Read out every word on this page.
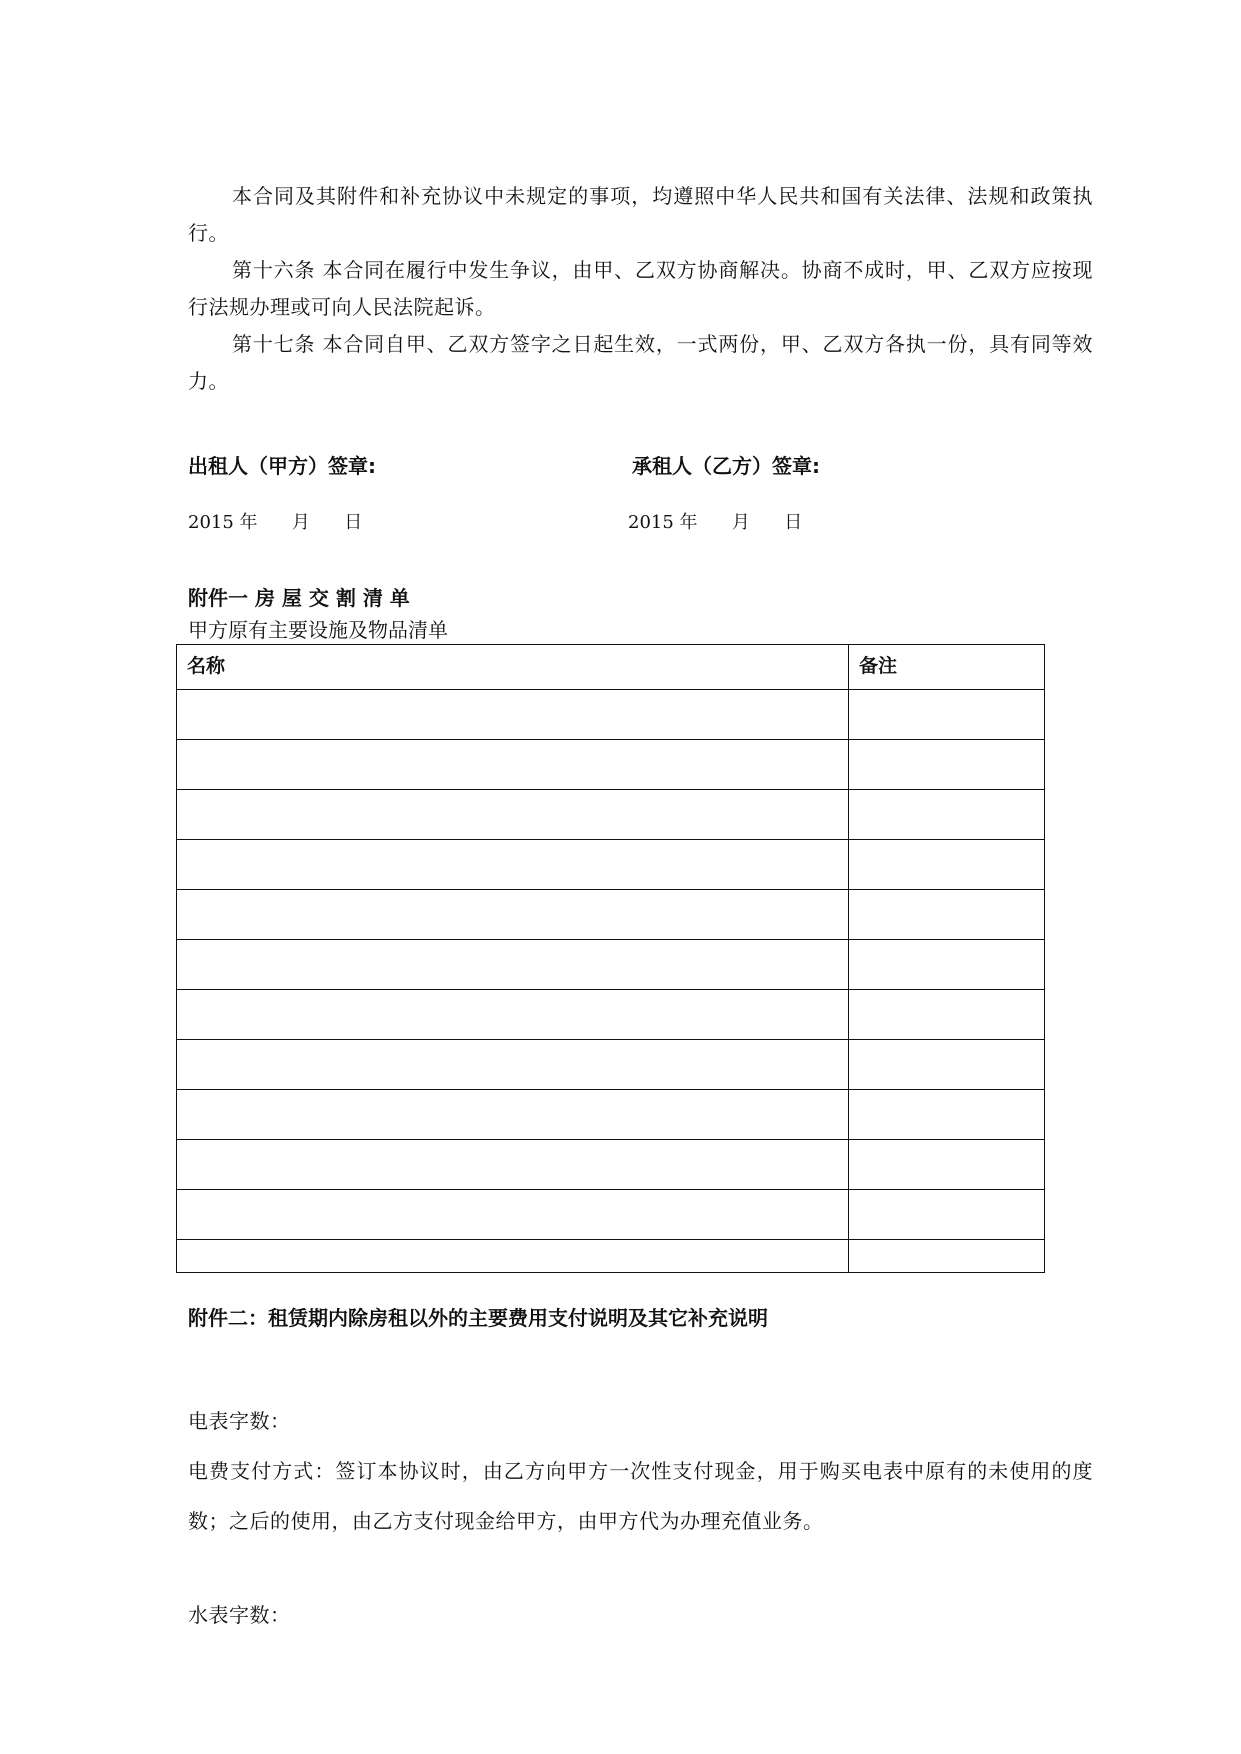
本合同及其附件和补充协议中未规定的事项，均遵照中华人民共和国有关法律、法规和政策执行。
第十六条 本合同在履行中发生争议，由甲、乙双方协商解决。协商不成时，甲、乙双方应按现行法规办理或可向人民法院起诉。
第十七条 本合同自甲、乙双方签字之日起生效，一式两份，甲、乙双方各执一份，具有同等效力。
出租人（甲方）签章:	承租人（乙方）签章:
2015 年      月      日	2015 年      月      日
附件一 房 屋 交 割 清 单
甲方原有主要设施及物品清单
名称	备注

附件二：租赁期内除房租以外的主要费用支付说明及其它补充说明
电表字数：
电费支付方式：签订本协议时，由乙方向甲方一次性支付现金，用于购买电表中原有的未使用的度数；之后的使用，由乙方支付现金给甲方，由甲方代为办理充值业务。
水表字数：
